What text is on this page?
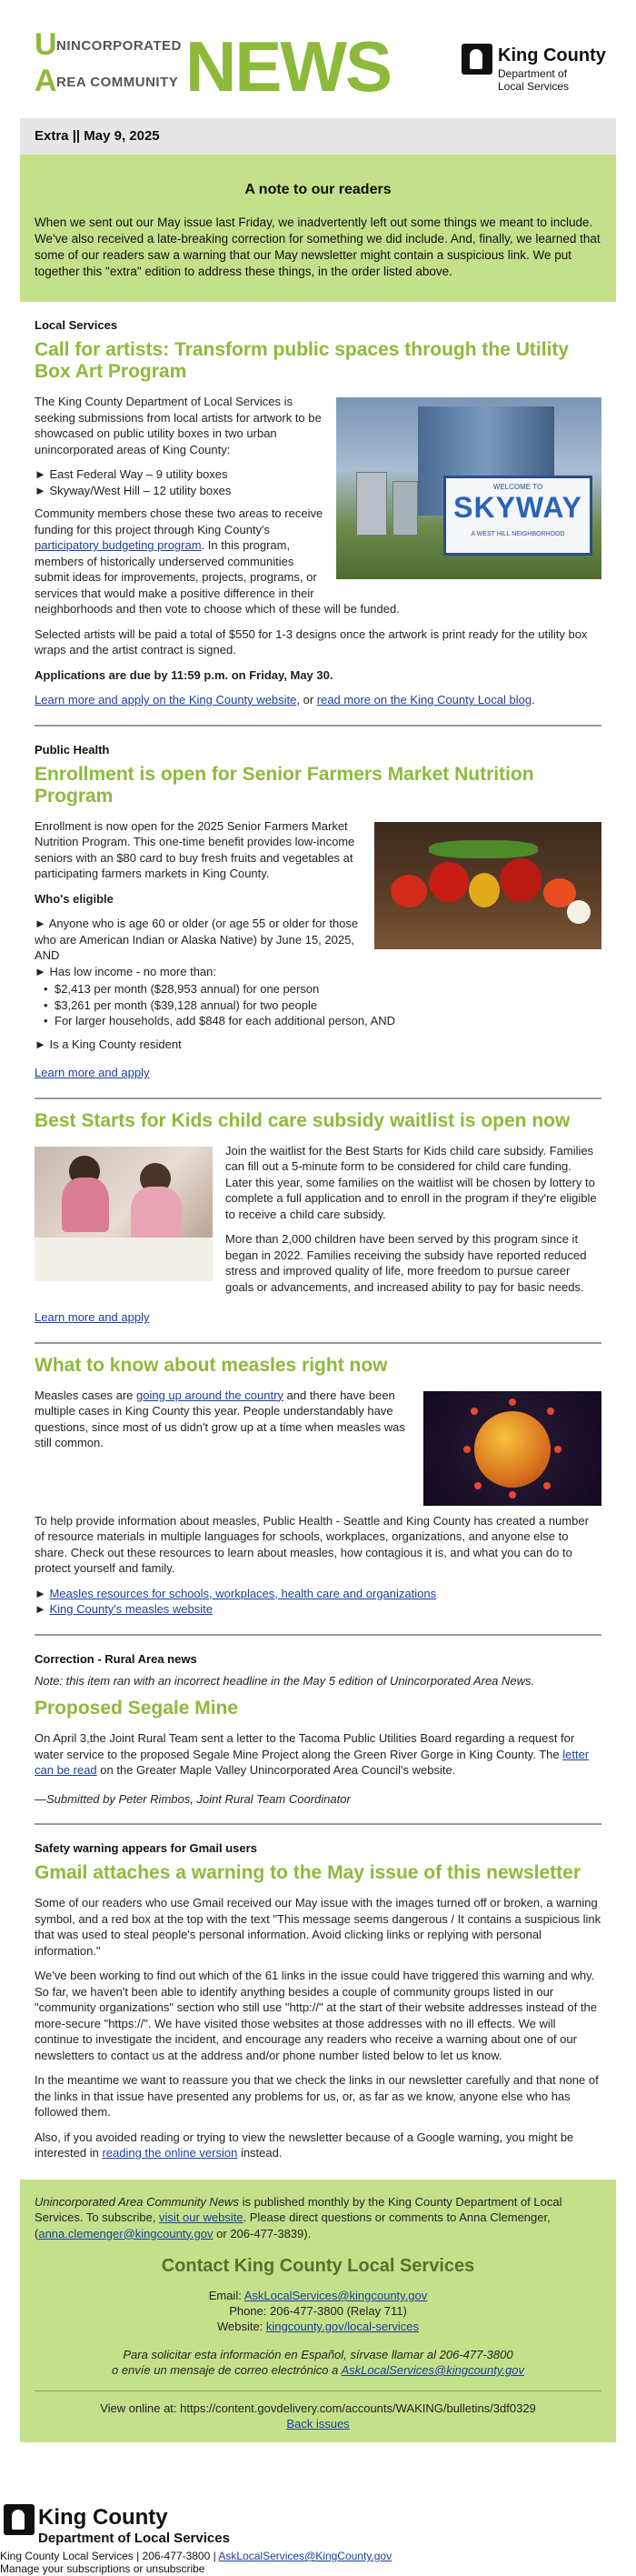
U NINCORPORATED
A REA COMMUNITY NEWS	King County
Department of
Local Services
Extra || May 9, 2025
A note to our readers

When we sent out our May issue last Friday, we inadvertently left out some things we meant to include. We've also received a late-breaking correction for something we did include. And, finally, we learned that some of our readers saw a warning that our May newsletter might contain a suspicious link. We put together this "extra" edition to address these things, in the order listed above.

Local Services
Call for artists: Transform public spaces through the Utility Box Art Program
WELCOME TO
SKYWAY
A WEST HILL NEIGHBORHOOD

The King County Department of Local Services is seeking submissions from local artists for artwork to be showcased on public utility boxes in two urban unincorporated areas of King County:

► East Federal Way – 9 utility boxes
► Skyway/West Hill – 12 utility boxes

Community members chose these two areas to receive funding for this project through King County's participatory budgeting program. In this program, members of historically underserved communities submit ideas for improvements, projects, programs, or services that would make a positive difference in their neighborhoods and then vote to choose which of these will be funded.

Selected artists will be paid a total of $550 for 1-3 designs once the artwork is print ready for the utility box wraps and the artist contract is signed.

Applications are due by 11:59 p.m. on Friday, May 30.

Learn more and apply on the King County website, or read more on the King County Local blog.

Public Health
Enrollment is open for Senior Farmers Market Nutrition Program

Enrollment is now open for the 2025 Senior Farmers Market Nutrition Program. This one-time benefit provides low-income seniors with an $80 card to buy fresh fruits and vegetables at participating farmers markets in King County.

Who's eligible

► Anyone who is age 60 or older (or age 55 or older for those who are American Indian or Alaska Native) by June 15, 2025, AND
► Has low income - no more than:
• $2,413 per month ($28,953 annual) for one person
• $3,261 per month ($39,128 annual) for two people
• For larger households, add $848 for each additional person, AND
► Is a King County resident

Learn more and apply

Best Starts for Kids child care subsidy waitlist is open now

Join the waitlist for the Best Starts for Kids child care subsidy. Families can fill out a 5-minute form to be considered for child care funding. Later this year, some families on the waitlist will be chosen by lottery to complete a full application and to enroll in the program if they're eligible to receive a child care subsidy.

More than 2,000 children have been served by this program since it began in 2022. Families receiving the subsidy have reported reduced stress and improved quality of life, more freedom to pursue career goals or advancements, and increased ability to pay for basic needs.

Learn more and apply

What to know about measles right now

Measles cases are going up around the country and there have been multiple cases in King County this year. People understandably have questions, since most of us didn't grow up at a time when measles was still common.

To help provide information about measles, Public Health - Seattle and King County has created a number of resource materials in multiple languages for schools, workplaces, organizations, and anyone else to share. Check out these resources to learn about measles, how contagious it is, and what you can do to protect yourself and family.

► Measles resources for schools, workplaces, health care and organizations
► King County's measles website
Correction - Rural Area news

Note: this item ran with an incorrect headline in the May 5 edition of Unincorporated Area News.

Proposed Segale Mine

On April 3,the Joint Rural Team sent a letter to the Tacoma Public Utilities Board regarding a request for water service to the proposed Segale Mine Project along the Green River Gorge in King County. The letter can be read on the Greater Maple Valley Unincorporated Area Council's website.

—Submitted by Peter Rimbos, Joint Rural Team Coordinator

Safety warning appears for Gmail users
Gmail attaches a warning to the May issue of this newsletter

Some of our readers who use Gmail received our May issue with the images turned off or broken, a warning symbol, and a red box at the top with the text "This message seems dangerous / It contains a suspicious link that was used to steal people's personal information. Avoid clicking links or replying with personal information."

We've been working to find out which of the 61 links in the issue could have triggered this warning and why. So far, we haven't been able to identify anything besides a couple of community groups listed in our "community organizations" section who still use "http://" at the start of their website addresses instead of the more-secure "https://". We have visited those websites at those addresses with no ill effects. We will continue to investigate the incident, and encourage any readers who receive a warning about one of our newsletters to contact us at the address and/or phone number listed below to let us know.

In the meantime we want to reassure you that we check the links in our newsletter carefully and that none of the links in that issue have presented any problems for us, or, as far as we know, anyone else who has followed them.

Also, if you avoided reading or trying to view the newsletter because of a Google warning, you might be interested in reading the online version instead.

Unincorporated Area Community News is published monthly by the King County Department of Local Services. To subscribe, visit our website. Please direct questions or comments to Anna Clemenger, (anna.clemenger@kingcounty.gov or 206-477-3839).

Contact King County Local Services
Email: AskLocalServices@kingcounty.gov
Phone: 206-477-3800 (Relay 711)
Website: kingcounty.gov/local-services
Para solicitar esta información en Español, sírvase llamar al 206-477-3800
o envíe un mensaje de correo electrónico a AskLocalServices@kingcounty.gov
View online at: https://content.govdelivery.com/accounts/WAKING/bulletins/3df0329
Back issues
King County
Department of Local Services
King County Local Services | 206-477-3800 | AskLocalServices@KingCounty.gov
Manage your subscriptions or unsubscribe
